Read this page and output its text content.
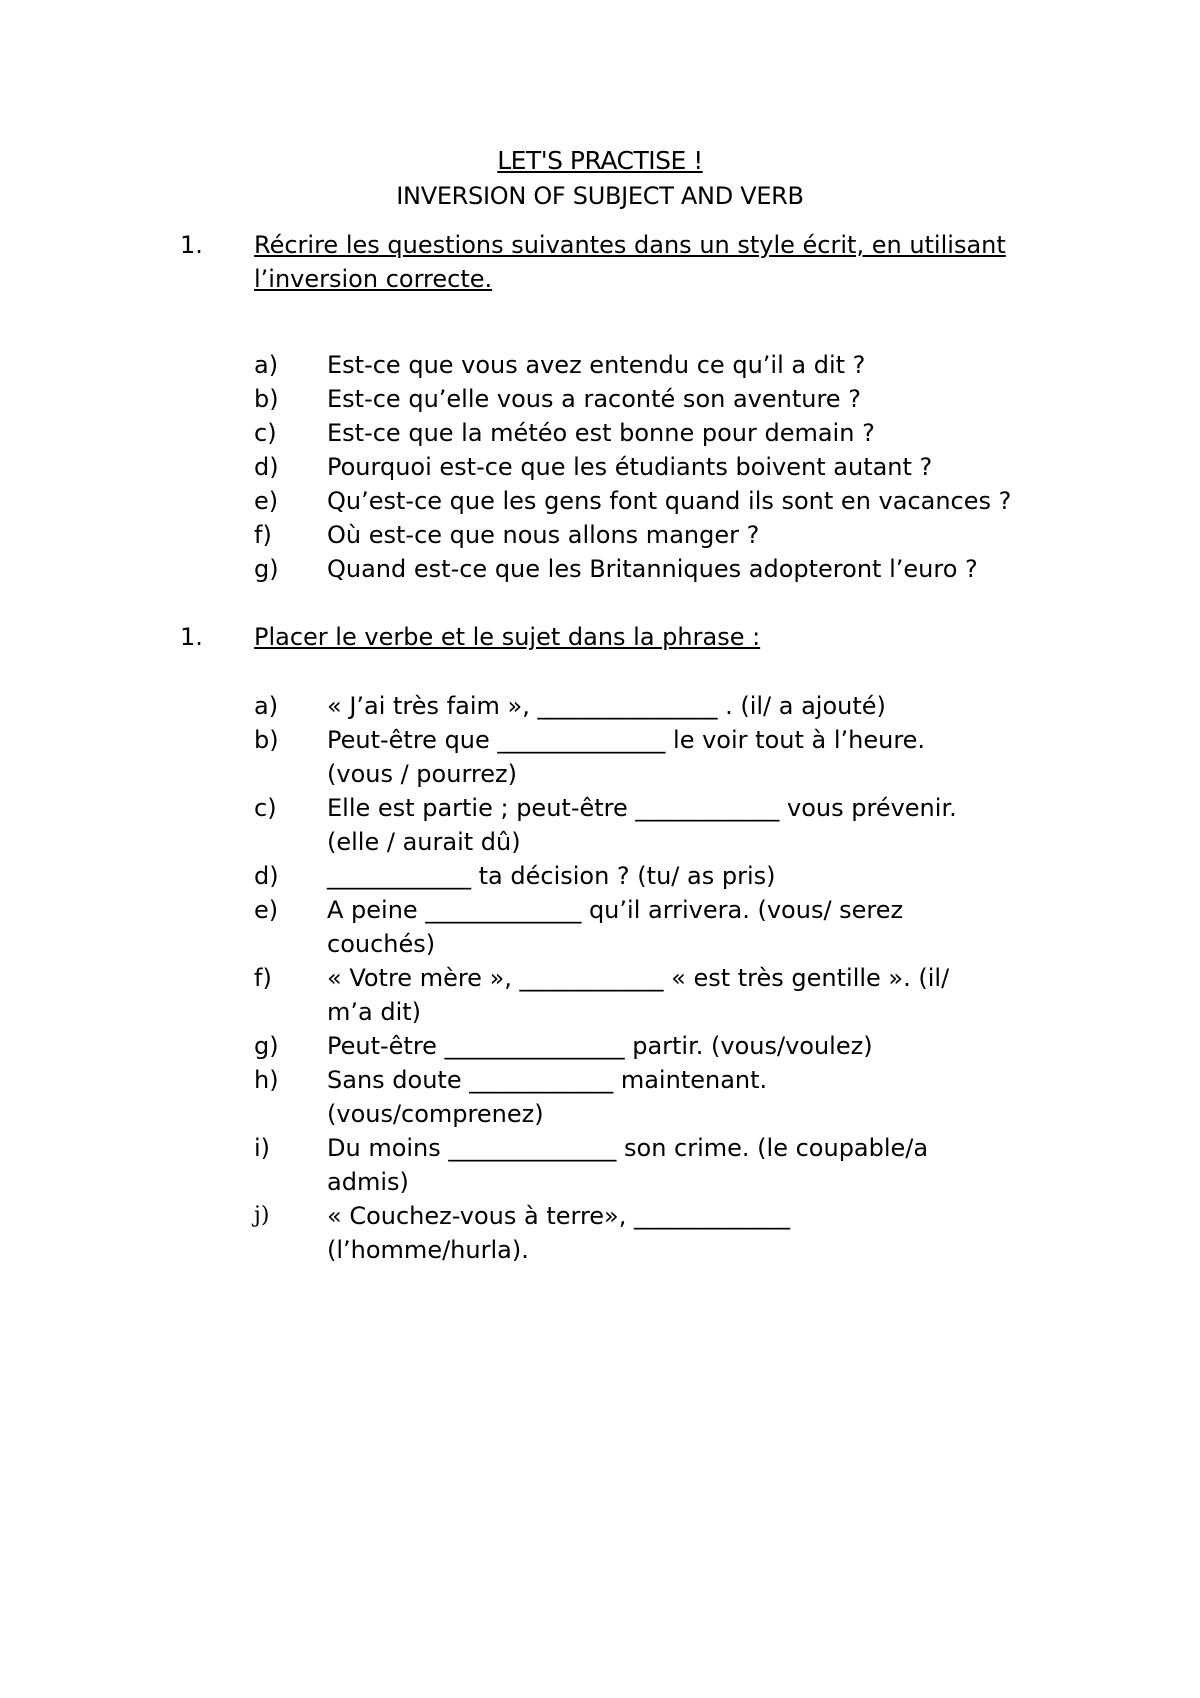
LET'S PRACTISE !
INVERSION OF SUBJECT AND VERB
1. Récrire les questions suivantes dans un style écrit, en utilisant
l’inversion correcte.
a) Est-ce que vous avez entendu ce qu’il a dit ?
b) Est-ce qu’elle vous a raconté son aventure ?
c) Est-ce que la météo est bonne pour demain ?
d) Pourquoi est-ce que les étudiants boivent autant ?
e) Qu’est-ce que les gens font quand ils sont en vacances ?
f) Où est-ce que nous allons manger ?
g) Quand est-ce que les Britanniques adopteront l’euro ?
1. Placer le verbe et le sujet dans la phrase :
a) « J’ai très faim », _______________ . (il/ a ajouté)
b) Peut-être que ______________ le voir tout à l’heure.
(vous / pourrez)
c) Elle est partie ; peut-être ____________ vous prévenir.
(elle / aurait dû)
d) ____________ ta décision ? (tu/ as pris)
e) A peine _____________ qu’il arrivera. (vous/ serez
couchés)
f) « Votre mère », ____________ « est très gentille ». (il/
m’a dit)
g) Peut-être _______________ partir. (vous/voulez)
h) Sans doute ____________ maintenant.
(vous/comprenez)
i) Du moins ______________ son crime. (le coupable/a
admis)
j) « Couchez-vous à terre», _____________
(l’homme/hurla).
